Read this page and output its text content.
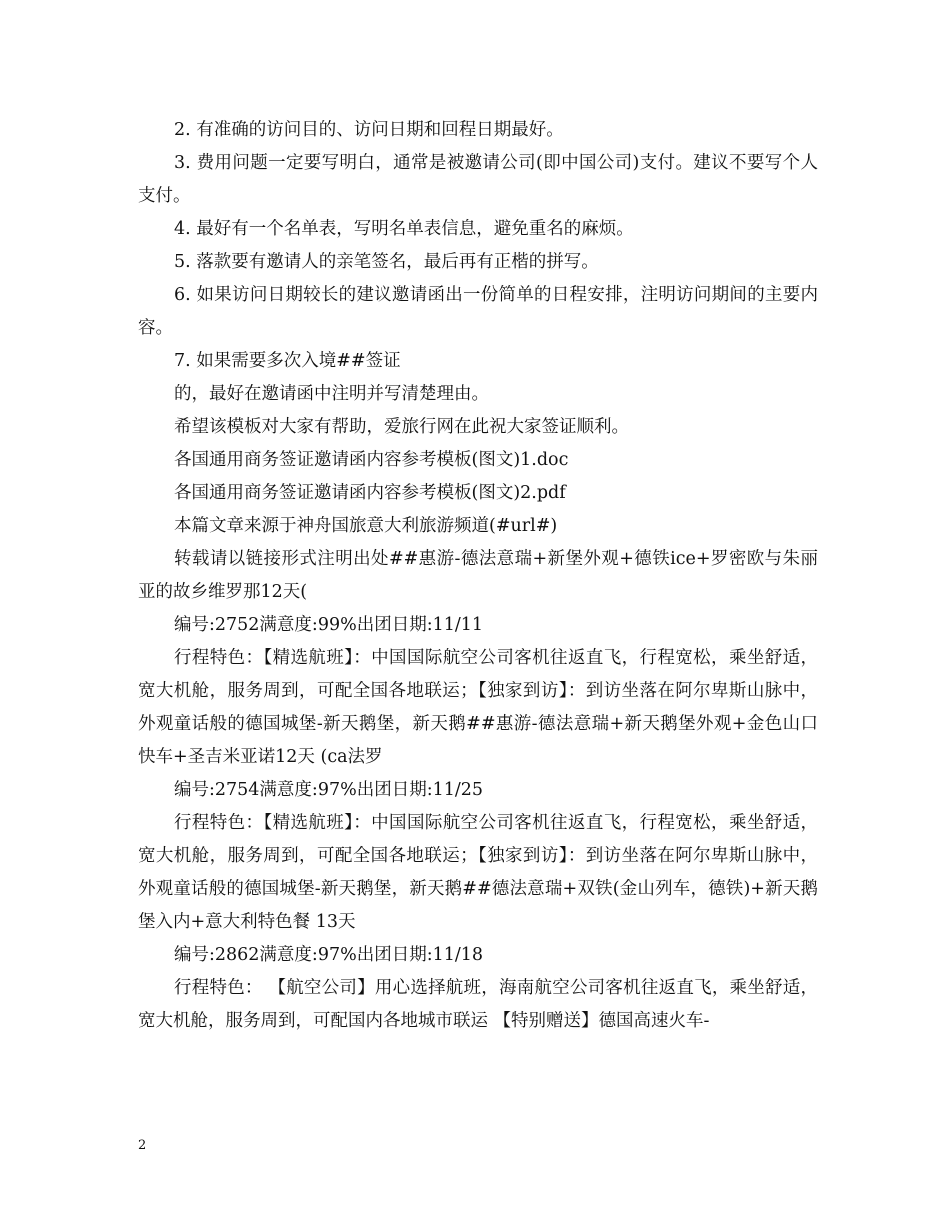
2. 有准确的访问目的、访问日期和回程日期最好。

3. 费用问题一定要写明白，通常是被邀请公司(即中国公司)支付。建议不要写个人支付。

4. 最好有一个名单表，写明名单表信息，避免重名的麻烦。

5. 落款要有邀请人的亲笔签名，最后再有正楷的拼写。

6. 如果访问日期较长的建议邀请函出一份简单的日程安排，注明访问期间的主要内容。

7. 如果需要多次入境##签证

的，最好在邀请函中注明并写清楚理由。

希望该模板对大家有帮助，爱旅行网在此祝大家签证顺利。

各国通用商务签证邀请函内容参考模板(图文)1.doc

各国通用商务签证邀请函内容参考模板(图文)2.pdf

本篇文章来源于神舟国旅意大利旅游频道(#url#)

转载请以链接形式注明出处##惠游-德法意瑞+新堡外观+德铁ice+罗密欧与朱丽亚的故乡维罗那12天(

编号:2752满意度:99%出团日期:11/11

行程特色：【精选航班】：中国国际航空公司客机往返直飞，行程宽松，乘坐舒适，宽大机舱，服务周到，可配全国各地联运；【独家到访】：到访坐落在阿尔卑斯山脉中，外观童话般的德国城堡-新天鹅堡，新天鹅##惠游-德法意瑞+新天鹅堡外观+金色山口快车+圣吉米亚诺12天 (ca法罗

编号:2754满意度:97%出团日期:11/25

行程特色：【精选航班】：中国国际航空公司客机往返直飞，行程宽松，乘坐舒适，宽大机舱，服务周到，可配全国各地联运；【独家到访】：到访坐落在阿尔卑斯山脉中，外观童话般的德国城堡-新天鹅堡，新天鹅##德法意瑞+双铁(金山列车，德铁)+新天鹅堡入内+意大利特色餐 13天

编号:2862满意度:97%出团日期:11/18

行程特色： 【航空公司】用心选择航班，海南航空公司客机往返直飞，乘坐舒适，宽大机舱，服务周到，可配国内各地城市联运 【特别赠送】德国高速火车-

2
